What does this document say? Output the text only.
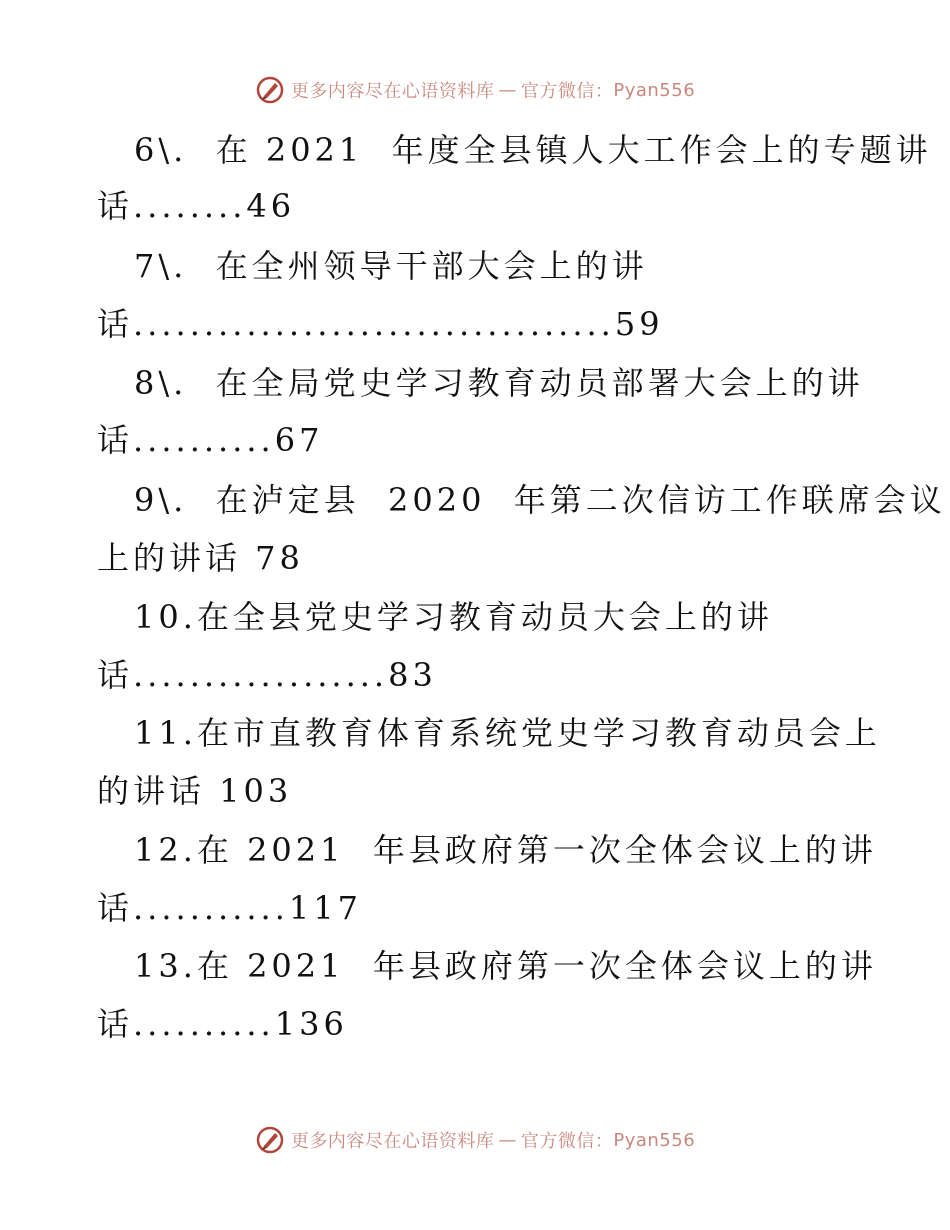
更多内容尽在心语资料库 — 官方微信： Pyan556
6\.  在 2021  年度全县镇人大工作会上的专题讲
话........46
7\.  在全州领导干部大会上的讲
话..................................59
8\.  在全局党史学习教育动员部署大会上的讲
话..........67
9\.  在泸定县  2020  年第二次信访工作联席会议
上的讲话 78
10.在全县党史学习教育动员大会上的讲
话..................83
11.在市直教育体育系统党史学习教育动员会上
的讲话 103
12.在 2021  年县政府第一次全体会议上的讲
话...........117
13.在 2021  年县政府第一次全体会议上的讲
话..........136
更多内容尽在心语资料库 — 官方微信： Pyan556
